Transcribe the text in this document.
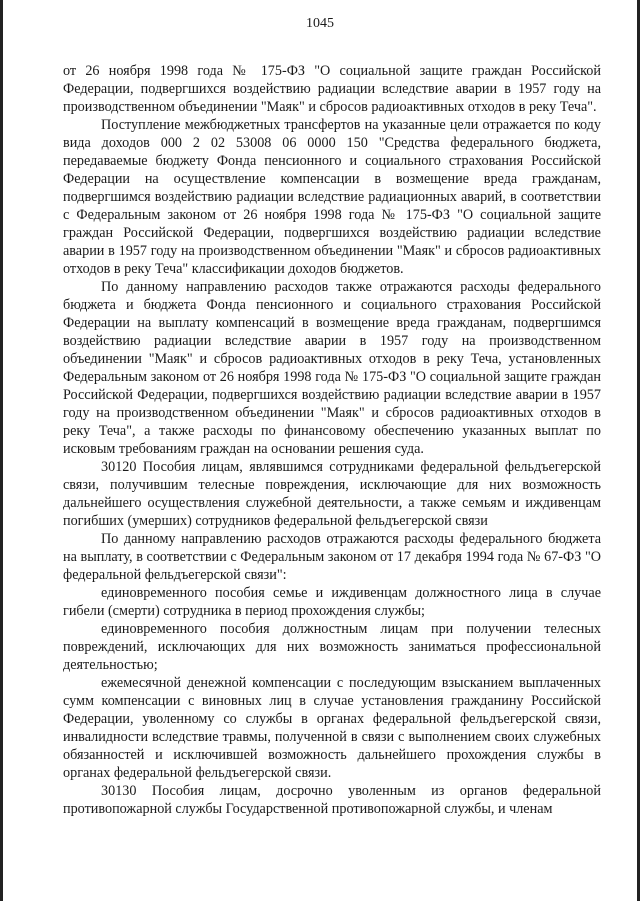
1045

от 26 ноября 1998 года № 175-ФЗ "О социальной защите граждан Российской Федерации, подвергшихся воздействию радиации вследствие аварии в 1957 году на производственном объединении "Маяк" и сбросов радиоактивных отходов в реку Теча".

Поступление межбюджетных трансфертов на указанные цели отражается по коду вида доходов 000 2 02 53008 06 0000 150 "Средства федерального бюджета, передаваемые бюджету Фонда пенсионного и социального страхования Российской Федерации на осуществление компенсации в возмещение вреда гражданам, подвергшимся воздействию радиации вследствие радиационных аварий, в соответствии с Федеральным законом от 26 ноября 1998 года № 175-ФЗ "О социальной защите граждан Российской Федерации, подвергшихся воздействию радиации вследствие аварии в 1957 году на производственном объединении "Маяк" и сбросов радиоактивных отходов в реку Теча" классификации доходов бюджетов.

По данному направлению расходов также отражаются расходы федерального бюджета и бюджета Фонда пенсионного и социального страхования Российской Федерации на выплату компенсаций в возмещение вреда гражданам, подвергшимся воздействию радиации вследствие аварии в 1957 году на производственном объединении "Маяк" и сбросов радиоактивных отходов в реку Теча, установленных Федеральным законом от 26 ноября 1998 года № 175-ФЗ "О социальной защите граждан Российской Федерации, подвергшихся воздействию радиации вследствие аварии в 1957 году на производственном объединении "Маяк" и сбросов радиоактивных отходов в реку Теча", а также расходы по финансовому обеспечению указанных выплат по исковым требованиям граждан на основании решения суда.

30120 Пособия лицам, являвшимся сотрудниками федеральной фельдъегерской связи, получившим телесные повреждения, исключающие для них возможность дальнейшего осуществления служебной деятельности, а также семьям и иждивенцам погибших (умерших) сотрудников федеральной фельдъегерской связи

По данному направлению расходов отражаются расходы федерального бюджета на выплату, в соответствии с Федеральным законом от 17 декабря 1994 года № 67-ФЗ "О федеральной фельдъегерской связи":

единовременного пособия семье и иждивенцам должностного лица в случае гибели (смерти) сотрудника в период прохождения службы;

единовременного пособия должностным лицам при получении телесных повреждений, исключающих для них возможность заниматься профессиональной деятельностью;

ежемесячной денежной компенсации с последующим взысканием выплаченных сумм компенсации с виновных лиц в случае установления гражданину Российской Федерации, уволенному со службы в органах федеральной фельдъегерской связи, инвалидности вследствие травмы, полученной в связи с выполнением своих служебных обязанностей и исключившей возможность дальнейшего прохождения службы в органах федеральной фельдъегерской связи.

30130 Пособия лицам, досрочно уволенным из органов федеральной противопожарной службы Государственной противопожарной службы, и членам
